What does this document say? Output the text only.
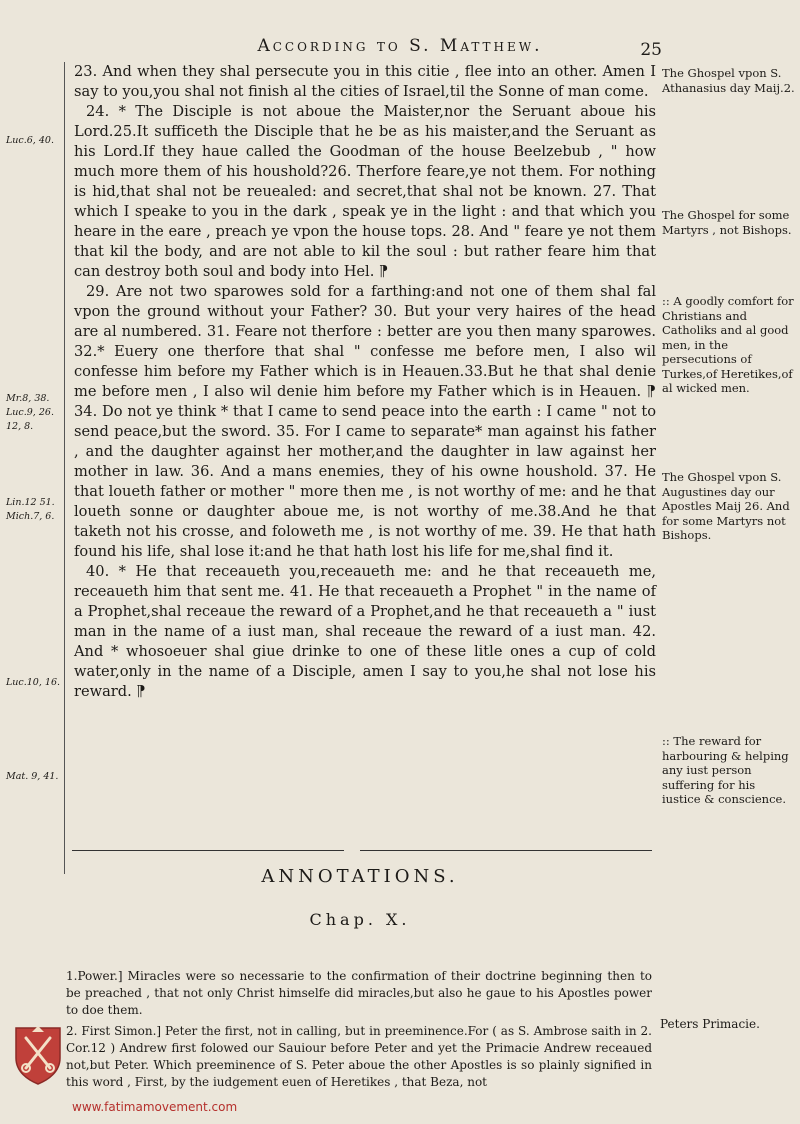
According to S. Matthew.	25
Luc.6, 40.
Mr.8, 38. Luc.9, 26. 12, 8.
Lin.12 51. Mich.7, 6.
Luc.10, 16.
Mat. 9, 41.

23. And when they shal persecute you in this citie , flee into an other. Amen I say to you,you shal not finish al the cities of Israel,til the Sonne of man come.

24. * The Disciple is not aboue the Maister,nor the Seruant aboue his Lord.25.It sufficeth the Disciple that he be as his maister,and the Seruant as his Lord.If they haue called the Goodman of the house Beelzebub , " how much more them of his houshold?26. Therfore feare,ye not them. For nothing is hid,that shal not be reuealed: and secret,that shal not be known. 27. That which I speake to you in the dark , speak ye in the light : and that which you heare in the eare , preach ye vpon the house tops. 28. And " feare ye not them that kil the body, and are not able to kil the soul : but rather feare him that can destroy both soul and body into Hel. ⁋

29. Are not two sparowes sold for a farthing:and not one of them shal fal vpon the ground without your Father? 30. But your very haires of the head are al numbered. 31. Feare not therfore : better are you then many sparowes. 32.* Euery one therfore that shal " confesse me before men, I also wil confesse him before my Father which is in Heauen.33.But he that shal denie me before men , I also wil denie him before my Father which is in Heauen. ⁋ 34. Do not ye think * that I came to send peace into the earth : I came " not to send peace,but the sword. 35. For I came to separate* man against his father , and the daughter against her mother,and the daughter in law against her mother in law. 36. And a mans enemies, they of his owne houshold. 37. He that loueth father or mother " more then me , is not worthy of me: and he that loueth sonne or daughter aboue me, is not worthy of me.38.And he that taketh not his crosse, and foloweth me , is not worthy of me. 39. He that hath found his life, shal lose it:and he that hath lost his life for me,shal find it.

40. * He that receaueth you,receaueth me: and he that receaueth me, receaueth him that sent me. 41. He that receaueth a Prophet " in the name of a Prophet,shal receaue the reward of a Prophet,and he that receaueth a " iust man in the name of a iust man, shal receaue the reward of a iust man. 42. And * whosoeuer shal giue drinke to one of these litle ones a cup of cold water,only in the name of a Disciple, amen I say to you,he shal not lose his reward. ⁋

The Ghospel vpon S. Athanasius day Maij.2.
The Ghospel for some Martyrs , not Bishops.
:: A goodly comfort for Christians and Catholiks and al good men, in the persecutions of Turkes,of Heretikes,of al wicked men.
The Ghospel vpon S. Augustines day our Apostles Maij 26. And for some Martyrs not Bishops.
:: The reward for harbouring & helping any iust person suffering for his iustice & conscience.
ANNOTATIONS.
Chap. X.

1.Power.] Miracles were so necessarie to the confirmation of their doctrine beginning then to be preached , that not only Christ himselfe did miracles,but also he gaue to his Apostles power to doe them.

2. First Simon.] Peter the first, not in calling, but in preeminence.For ( as S. Ambrose saith in 2. Cor.12 ) Andrew first folowed our Sauiour before Peter and yet the Primacie Andrew receaued not,but Peter. Which preeminence of S. Peter aboue the other Apostles is so plainly signified in this word , First, by the iudgement euen of Heretikes , that Beza, not

Peters Primacie.
www.fatimamovement.com
